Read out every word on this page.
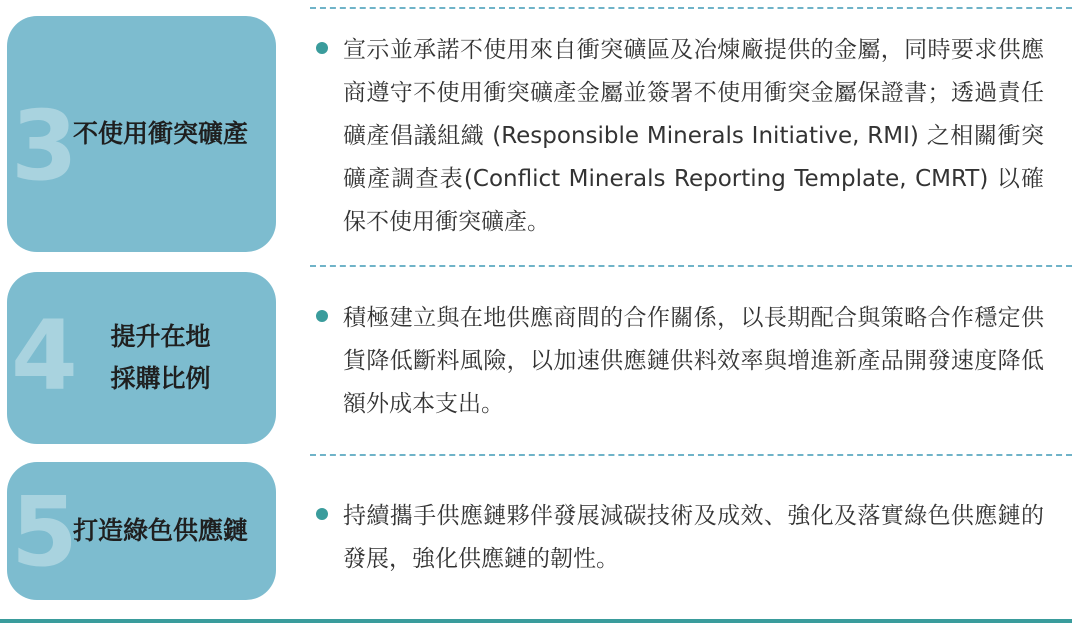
3
不使用衝突礦產
宣示並承諾不使用來自衝突礦區及冶煉廠提供的金屬，同時要求供應商遵守不使用衝突礦產金屬並簽署不使用衝突金屬保證書；透過責任礦產倡議組織 (Responsible Minerals Initiative, RMI) 之相關衝突礦產調查表(Conflict Minerals Reporting Template, CMRT) 以確保不使用衝突礦產。
4 提升在地
採購比例
積極建立與在地供應商間的合作關係，以長期配合與策略合作穩定供貨降低斷料風險，以加速供應鏈供料效率與增進新產品開發速度降低額外成本支出。
5
打造綠色供應鏈	持續攜手供應鏈夥伴發展減碳技術及成效、強化及落實綠色供應鏈的發展，強化供應鏈的韌性。
